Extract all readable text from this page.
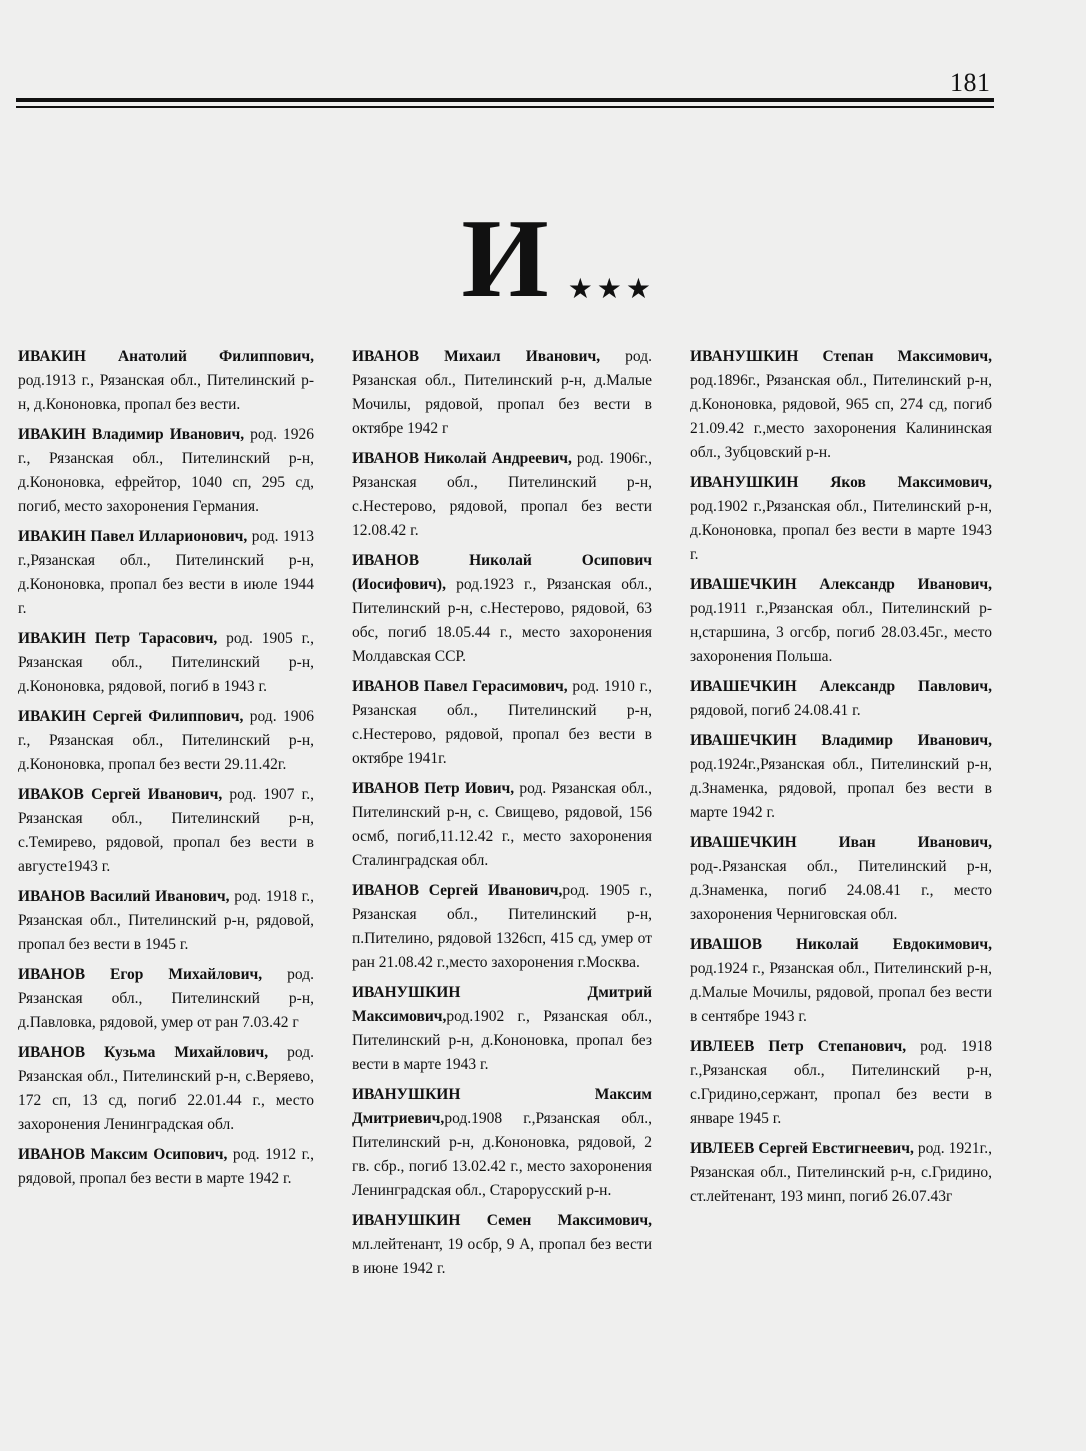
181
И ★★★
ИВАКИН Анатолий Филиппович, род.1913 г., Рязанская обл., Пителинский р-н, д.Кононовка, пропал без вести.
ИВАКИН Владимир Иванович, род. 1926 г., Рязанская обл., Пителинский р-н, д.Кононовка, ефрейтор, 1040 сп, 295 сд, погиб, место захоронения Германия.
ИВАКИН Павел Илларионович, род. 1913 г.,Рязанская обл., Пителинский р-н, д.Кононовка, пропал без вести в июле 1944 г.
ИВАКИН Петр Тарасович, род. 1905 г., Рязанская обл., Пителинский р-н, д.Кононовка, рядовой, погиб в 1943 г.
ИВАКИН Сергей Филиппович, род. 1906 г., Рязанская обл., Пителинский р-н, д.Кононовка, пропал без вести 29.11.42г.
ИВАКОВ Сергей Иванович, род. 1907 г., Рязанская обл., Пителинский р-н, с.Темирево, рядовой, пропал без вести в августе1943 г.
ИВАНОВ Василий Иванович, род. 1918 г., Рязанская обл., Пителинский р-н, рядовой, пропал без вести в 1945 г.
ИВАНОВ Егор Михайлович, род. Рязанская обл., Пителинский р-н, д.Павловка, рядовой, умер от ран 7.03.42 г
ИВАНОВ Кузьма Михайлович, род. Рязанская обл., Пителинский р-н, с.Веряево, 172 сп, 13 сд, погиб 22.01.44 г., место захоронения Ленинградская обл.
ИВАНОВ Максим Осипович, род. 1912 г., рядовой, пропал без вести в марте 1942 г.
ИВАНОВ Михаил Иванович, род. Рязанская обл., Пителинский р-н, д.Малые Мочилы, рядовой, пропал без вести в октябре 1942 г
ИВАНОВ Николай Андреевич, род. 1906г., Рязанская обл., Пителинский р-н, с.Нестерово, рядовой, пропал без вести 12.08.42 г.
ИВАНОВ Николай Осипович (Иосифович), род.1923 г., Рязанская обл., Пителинский р-н, с.Нестерово, рядовой, 63 обс, погиб 18.05.44 г., место захоронения Молдавская ССР.
ИВАНОВ Павел Герасимович, род. 1910 г., Рязанская обл., Пителинский р-н, с.Нестерово, рядовой, пропал без вести в октябре 1941г.
ИВАНОВ Петр Иович, род. Рязанская обл., Пителинский р-н, с. Свищево, рядовой, 156 осмб, погиб,11.12.42 г., место захоронения Сталинградская обл.
ИВАНОВ Сергей Иванович,род. 1905 г., Рязанская обл., Пителинский р-н, п.Пителино, рядовой 1326сп, 415 сд, умер от ран 21.08.42 г.,место захоронения г.Москва.
ИВАНУШКИН Дмитрий Максимович,род.1902 г., Рязанская обл., Пителинский р-н, д.Кононовка, пропал без вести в марте 1943 г.
ИВАНУШКИН Максим Дмитриевич,род.1908 г.,Рязанская обл., Пителинский р-н, д.Кононовка, рядовой, 2 гв. сбр., погиб 13.02.42 г., место захоронения Ленинградская обл., Старорусский р-н.
ИВАНУШКИН Семен Максимович, мл.лейтенант, 19 осбр, 9 А, пропал без вести в июне 1942 г.
ИВАНУШКИН Степан Максимович, род.1896г., Рязанская обл., Пителинский р-н, д.Кононовка, рядовой, 965 сп, 274 сд, погиб 21.09.42 г.,место захоронения Калининская обл., Зубцовский р-н.
ИВАНУШКИН Яков Максимович, род.1902 г.,Рязанская обл., Пителинский р-н, д.Кононовка, пропал без вести в марте 1943 г.
ИВАШЕЧКИН Александр Иванович, род.1911 г.,Рязанская обл., Пителинский р-н,старшина, 3 огсбр, погиб 28.03.45г., место захоронения Польша.
ИВАШЕЧКИН Александр Павлович, рядовой, погиб 24.08.41 г.
ИВАШЕЧКИН Владимир Иванович, род.1924г.,Рязанская обл., Пителинский р-н, д.Знаменка, рядовой, пропал без вести в марте 1942 г.
ИВАШЕЧКИН Иван Иванович, род-.Рязанская обл., Пителинский р-н, д.Знаменка, погиб 24.08.41 г., место захоронения Черниговская обл.
ИВАШОВ Николай Евдокимович, род.1924 г., Рязанская обл., Пителинский р-н, д.Малые Мочилы, рядовой, пропал без вести в сентябре 1943 г.
ИВЛЕЕВ Петр Степанович, род. 1918 г.,Рязанская обл., Пителинский р-н, с.Гридино,сержант, пропал без вести в январе 1945 г.
ИВЛЕЕВ Сергей Евстигнеевич, род. 1921г., Рязанская обл., Пителинский р-н, с.Гридино, ст.лейтенант, 193 минп, погиб 26.07.43г
